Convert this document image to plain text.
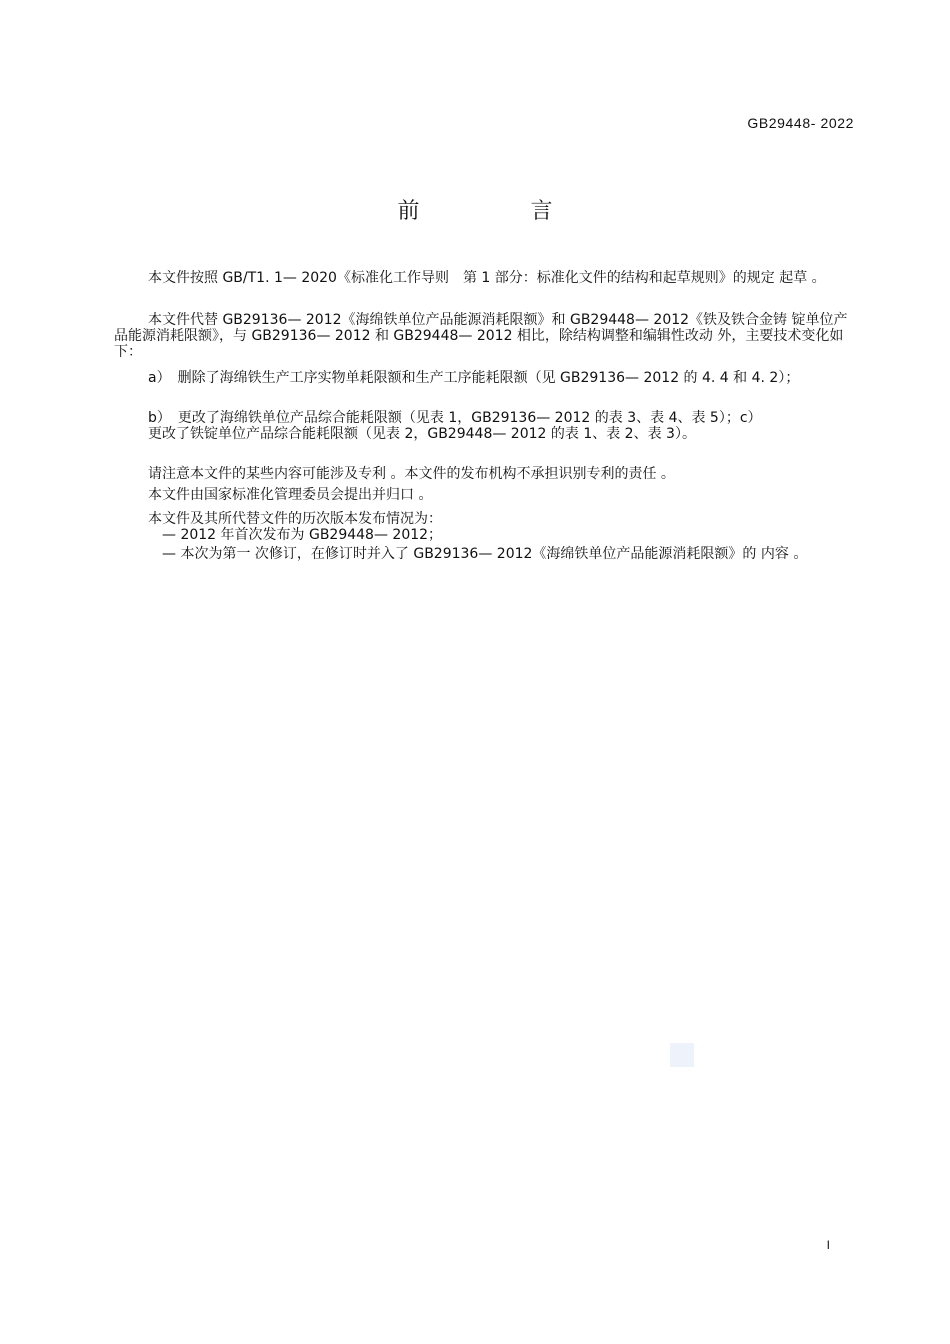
GB29448- 2022
前 言

本文件按照 GB/T1. 1— 2020《标准化工作导则　第 1 部分：标准化文件的结构和起草规则》的规定 起草 。

本文件代替 GB29136— 2012《海绵铁单位产品能源消耗限额》和 GB29448— 2012《铁及铁合金铸 锭单位产品能源消耗限额》，与 GB29136— 2012 和 GB29448— 2012 相比，除结构调整和编辑性改动 外，主要技术变化如下：

a）　删除了海绵铁生产工序实物单耗限额和生产工序能耗限额（见 GB29136— 2012 的 4. 4 和 4. 2）；

b）　更改了海绵铁单位产品综合能耗限额（见表 1，GB29136— 2012 的表 3、表 4、表 5）；c）　更改了铁锭单位产品综合能耗限额（见表 2，GB29448— 2012 的表 1、表 2、表 3）。

请注意本文件的某些内容可能涉及专利 。本文件的发布机构不承担识别专利的责任 。

本文件由国家标准化管理委员会提出并归口 。

本文件及其所代替文件的历次版本发布情况为：

— 2012 年首次发布为 GB29448— 2012；

— 本次为第一 次修订，在修订时并入了 GB29136— 2012《海绵铁单位产品能源消耗限额》的 内容 。

I
